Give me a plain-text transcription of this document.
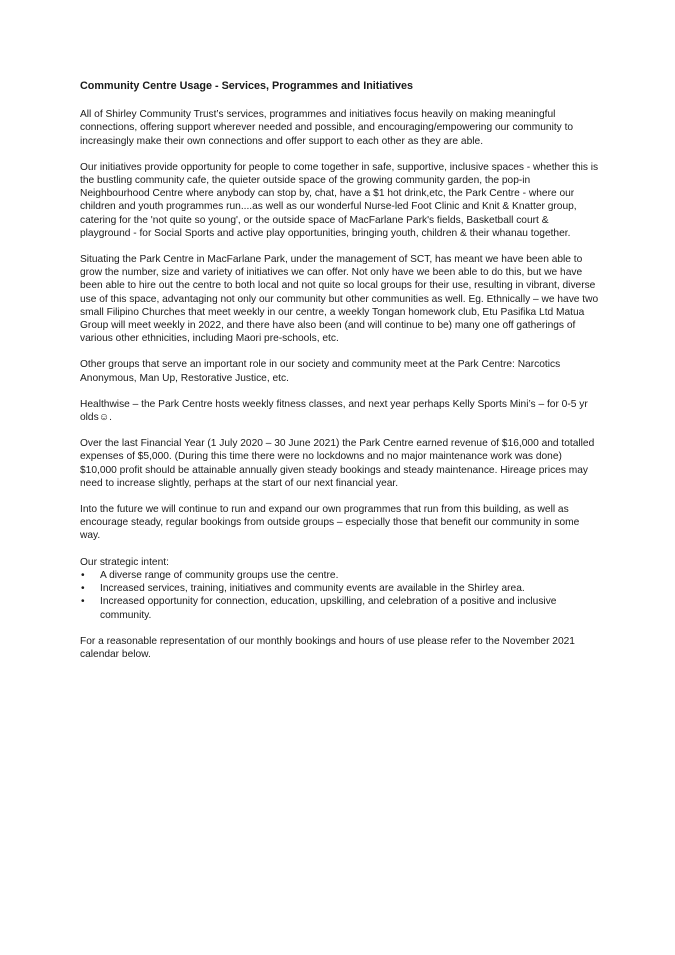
Community Centre Usage - Services, Programmes and Initiatives

All of Shirley Community Trust’s services, programmes and initiatives focus heavily on making meaningful connections, offering support wherever needed and possible, and encouraging/empowering our community to increasingly make their own connections and offer support to each other as they are able.

Our initiatives provide opportunity for people to come together in safe, supportive, inclusive spaces - whether this is the bustling community cafe, the quieter outside space of the growing community garden, the pop-in Neighbourhood Centre where anybody can stop by, chat, have a $1 hot drink,etc, the Park Centre - where our children and youth programmes run....as well as our wonderful Nurse-led Foot Clinic and Knit & Knatter group, catering for the 'not quite so young', or the outside space of MacFarlane Park's fields, Basketball court & playground - for Social Sports and active play opportunities, bringing youth, children & their whanau together.

Situating the Park Centre in MacFarlane Park, under the management of SCT, has meant we have been able to grow the number, size and variety of initiatives we can offer. Not only have we been able to do this, but we have been able to hire out the centre to both local and not quite so local groups for their use, resulting in vibrant, diverse use of this space, advantaging not only our community but other communities as well. Eg. Ethnically – we have two small Filipino Churches that meet weekly in our centre, a weekly Tongan homework club, Etu Pasifika Ltd Matua Group will meet weekly in 2022, and there have also been (and will continue to be) many one off gatherings of various other ethnicities, including Maori pre-schools, etc.

Other groups that serve an important role in our society and community meet at the Park Centre: Narcotics Anonymous, Man Up, Restorative Justice, etc.

Healthwise – the Park Centre hosts weekly fitness classes, and next year perhaps Kelly Sports Mini’s – for 0-5 yr olds☺.

Over the last Financial Year (1 July 2020 – 30 June 2021) the Park Centre earned revenue of $16,000 and totalled expenses of $5,000. (During this time there were no lockdowns and no major maintenance work was done) $10,000 profit should be attainable annually given steady bookings and steady maintenance. Hireage prices may need to increase slightly, perhaps at the start of our next financial year.

Into the future we will continue to run and expand our own programmes that run from this building, as well as encourage steady, regular bookings from outside groups – especially those that benefit our community in some way.

Our strategic intent:
• A diverse range of community groups use the centre.
• Increased services, training, initiatives and community events are available in the Shirley area.
• Increased opportunity for connection, education, upskilling, and celebration of a positive and inclusive community.

For a reasonable representation of our monthly bookings and hours of use please refer to the November 2021 calendar below.
